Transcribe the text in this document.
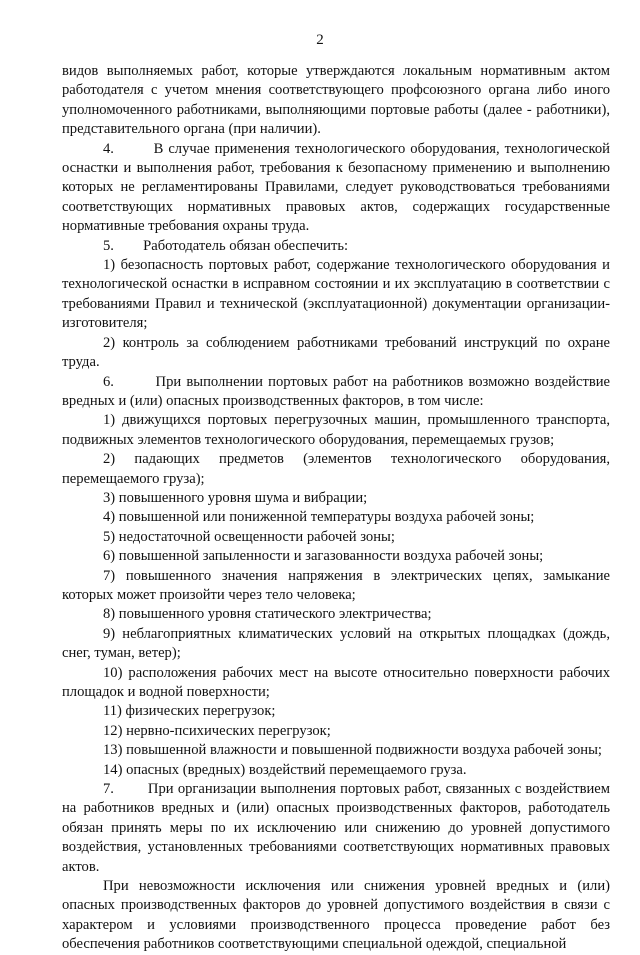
2

видов выполняемых работ, которые утверждаются локальным нормативным актом работодателя с учетом мнения соответствующего профсоюзного органа либо иного уполномоченного работниками, выполняющими портовые работы (далее - работники), представительного органа (при наличии).

4.        В случае применения технологического оборудования, технологической оснастки и выполнения работ, требования к безопасному применению и выполнению которых не регламентированы Правилами, следует руководствоваться требованиями соответствующих нормативных правовых актов, содержащих государственные нормативные требования охраны труда.

5.        Работодатель обязан обеспечить:

1) безопасность портовых работ, содержание технологического оборудования и технологической оснастки в исправном состоянии и их эксплуатацию в соответствии с требованиями Правил и технической (эксплуатационной) документации организации-изготовителя;

2) контроль за соблюдением работниками требований инструкций по охране труда.

6.        При выполнении портовых работ на работников возможно воздействие вредных и (или) опасных производственных факторов, в том числе:

1) движущихся портовых перегрузочных машин, промышленного транспорта, подвижных элементов технологического оборудования, перемещаемых грузов;

2) падающих предметов (элементов технологического оборудования, перемещаемого груза);

3) повышенного уровня шума и вибрации;

4) повышенной или пониженной температуры воздуха рабочей зоны;

5) недостаточной освещенности рабочей зоны;

6) повышенной запыленности и загазованности воздуха рабочей зоны;

7) повышенного значения напряжения в электрических цепях, замыкание которых может произойти через тело человека;

8) повышенного уровня статического электричества;

9) неблагоприятных климатических условий на открытых площадках (дождь, снег, туман, ветер);

10) расположения рабочих мест на высоте относительно поверхности рабочих площадок и водной поверхности;

11) физических перегрузок;

12) нервно-психических перегрузок;

13) повышенной влажности и повышенной подвижности воздуха рабочей зоны;

14) опасных (вредных) воздействий перемещаемого груза.

7.        При организации выполнения портовых работ, связанных с воздействием на работников вредных и (или) опасных производственных факторов, работодатель обязан принять меры по их исключению или снижению до уровней допустимого воздействия, установленных требованиями соответствующих нормативных правовых актов.

При невозможности исключения или снижения уровней вредных и (или) опасных производственных факторов до уровней допустимого воздействия в связи с характером и условиями производственного процесса проведение работ без обеспечения работников соответствующими специальной одеждой, специальной
